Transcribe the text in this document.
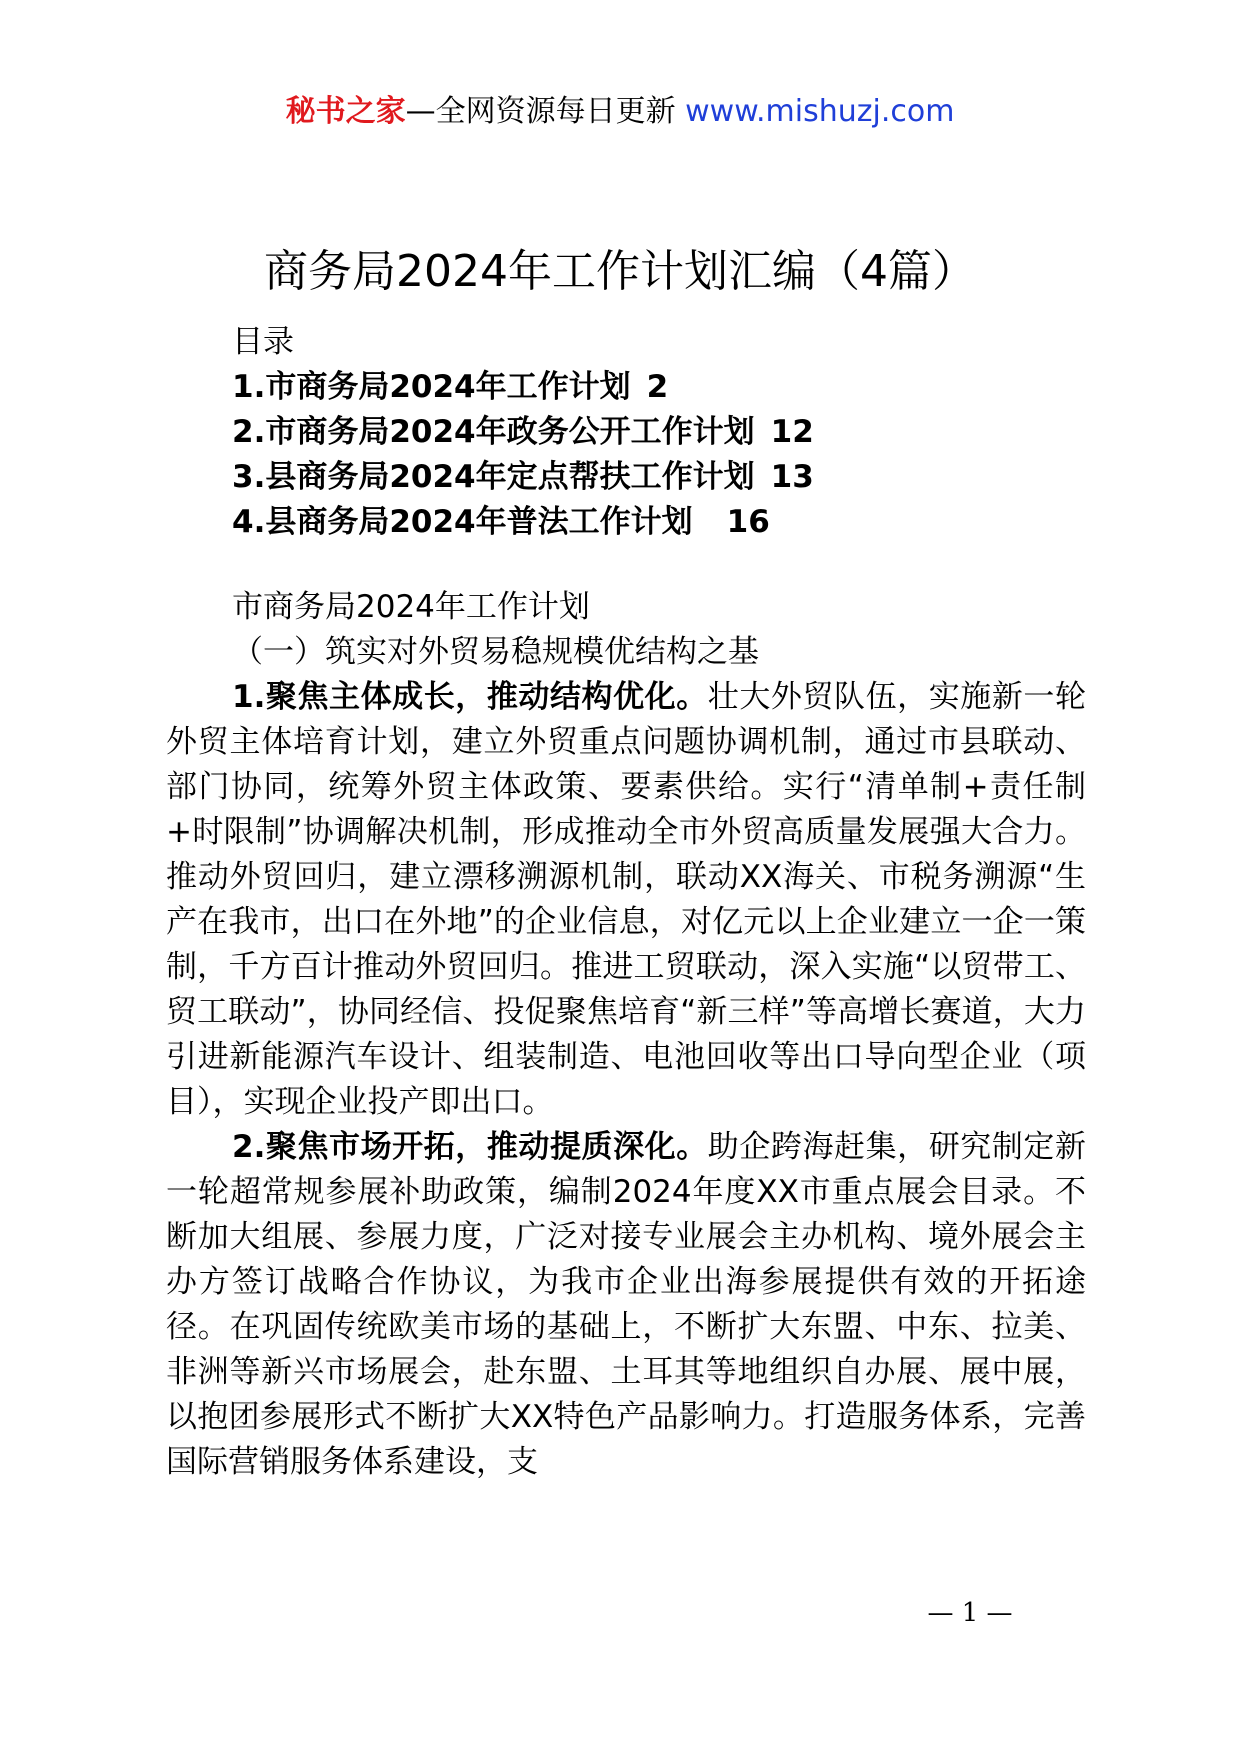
秘书之家—全网资源每日更新 www.mishuzj.com
商务局2024年工作计划汇编（4篇）
目录
1.市商务局2024年工作计划 2
2.市商务局2024年政务公开工作计划 12
3.县商务局2024年定点帮扶工作计划 13
4.县商务局2024年普法工作计划 16
市商务局2024年工作计划
（一）筑实对外贸易稳规模优结构之基

1.聚焦主体成长，推动结构优化。壮大外贸队伍，实施新一轮外贸主体培育计划，建立外贸重点问题协调机制，通过市县联动、部门协同，统筹外贸主体政策、要素供给。实行“清单制+责任制+时限制”协调解决机制，形成推动全市外贸高质量发展强大合力。推动外贸回归，建立漂移溯源机制，联动XX海关、市税务溯源“生产在我市，出口在外地”的企业信息，对亿元以上企业建立一企一策制，千方百计推动外贸回归。推进工贸联动，深入实施“以贸带工、贸工联动”，协同经信、投促聚焦培育“新三样”等高增长赛道，大力引进新能源汽车设计、组装制造、电池回收等出口导向型企业（项目），实现企业投产即出口。

2.聚焦市场开拓，推动提质深化。助企跨海赶集，研究制定新一轮超常规参展补助政策，编制2024年度XX市重点展会目录。不断加大组展、参展力度，广泛对接专业展会主办机构、境外展会主办方签订战略合作协议，为我市企业出海参展提供有效的开拓途径。在巩固传统欧美市场的基础上，不断扩大东盟、中东、拉美、非洲等新兴市场展会，赴东盟、土耳其等地组织自办展、展中展，以抱团参展形式不断扩大XX特色产品影响力。打造服务体系，完善国际营销服务体系建设，支

— 1 —
